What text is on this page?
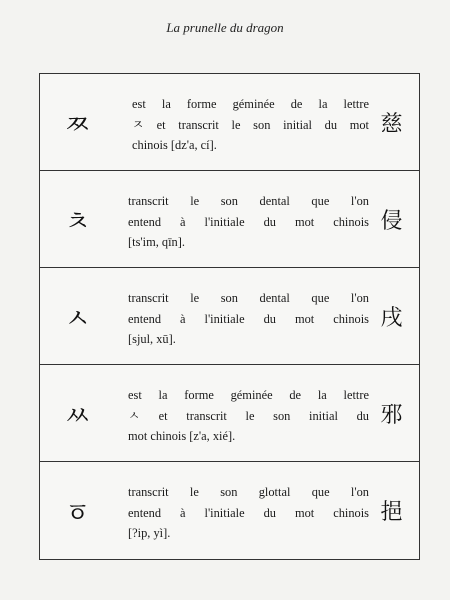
La prunelle du dragon
ㅉ
est la forme géminée de la lettre
ㅈ et transcrit le son initial du mot
chinois [dz'a, cí].
慈
ㅊ
transcrit le son dental que l'on
entend à l'initiale du mot chinois
[ts'im, qīn].
侵
ㅅ
transcrit le son dental que l'on
entend à l'initiale du mot chinois
[sjul, xū].
戌
ㅆ
est la forme géminée de la lettre
ㅅ et transcrit le son initial du
mot chinois [z'a, xié].
邪
ㆆ
transcrit le son glottal que l'on
entend à l'initiale du mot chinois
[?ip, yì].
挹
